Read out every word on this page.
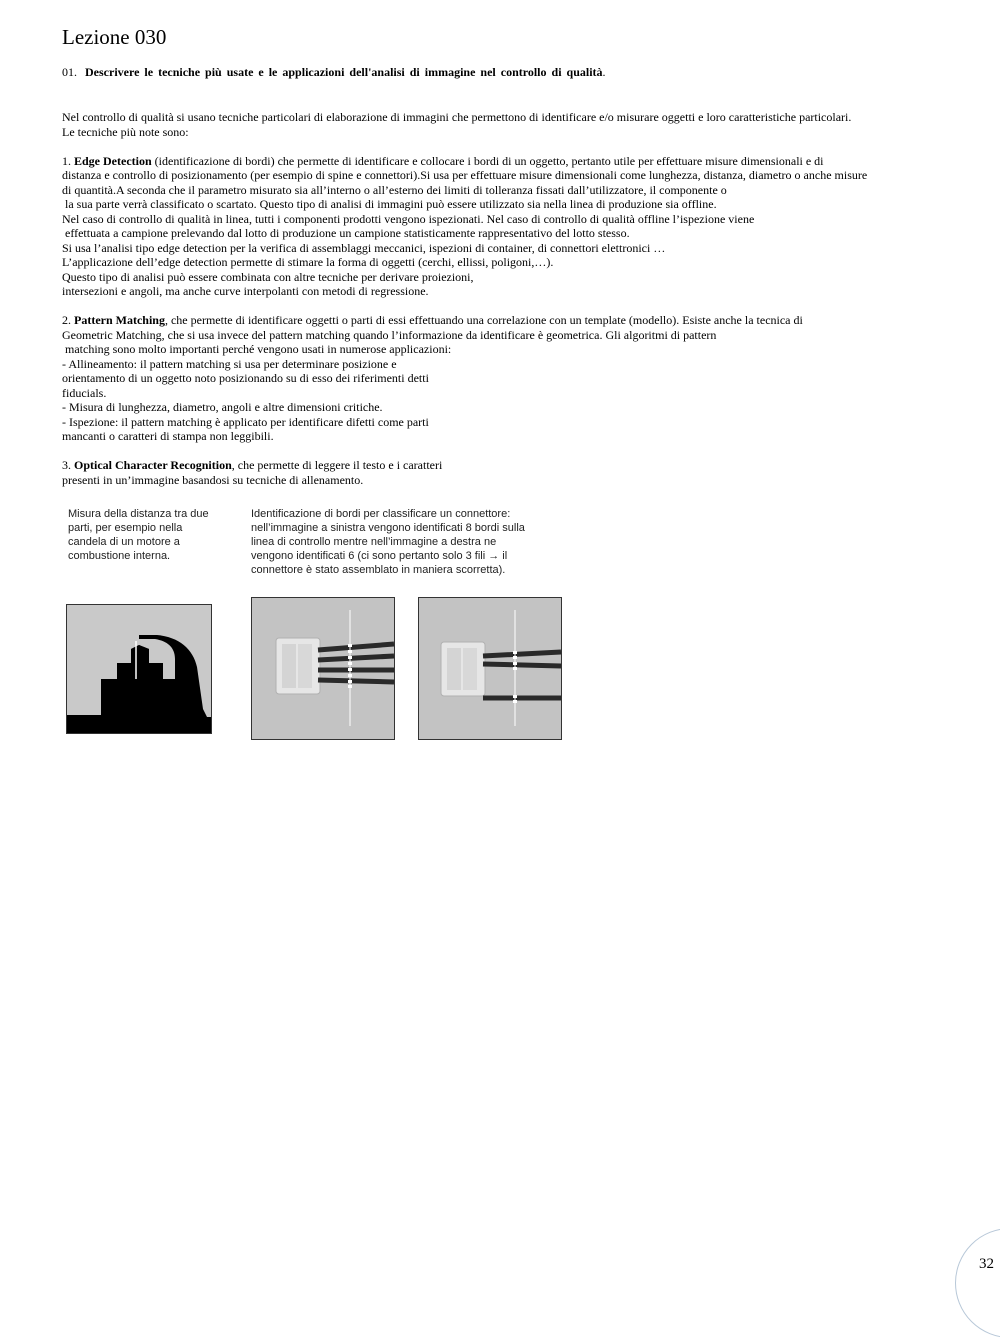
Lezione 030
01. Descrivere le tecniche più usate e le applicazioni dell'analisi di immagine nel controllo di qualità.
Nel controllo di qualità si usano tecniche particolari di elaborazione di immagini che permettono di identificare e/o misurare oggetti e loro caratteristiche particolari.
Le tecniche più note sono:
1. Edge Detection (identificazione di bordi) che permette di identificare e collocare i bordi di un oggetto, pertanto utile per effettuare misure dimensionali e di
distanza e controllo di posizionamento (per esempio di spine e connettori).Si usa per effettuare misure dimensionali come lunghezza, distanza, diametro o anche misure
di quantità.A seconda che il parametro misurato sia all’interno o all’esterno dei limiti di tolleranza fissati dall’utilizzatore, il componente o
la sua parte verrà classificato o scartato. Questo tipo di analisi di immagini può essere utilizzato sia nella linea di produzione sia offline.
Nel caso di controllo di qualità in linea, tutti i componenti prodotti vengono ispezionati. Nel caso di controllo di qualità offline l’ispezione viene
effettuata a campione prelevando dal lotto di produzione un campione statisticamente rappresentativo del lotto stesso.
Si usa l’analisi tipo edge detection per la verifica di assemblaggi meccanici, ispezioni di container, di connettori elettronici …
L’applicazione dell’edge detection permette di stimare la forma di oggetti (cerchi, ellissi, poligoni,…).
Questo tipo di analisi può essere combinata con altre tecniche per derivare proiezioni,
intersezioni e angoli, ma anche curve interpolanti con metodi di regressione.
2. Pattern Matching, che permette di identificare oggetti o parti di essi effettuando una correlazione con un template (modello). Esiste anche la tecnica di
Geometric Matching, che si usa invece del pattern matching quando l’informazione da identificare è geometrica. Gli algoritmi di pattern
matching sono molto importanti perché vengono usati in numerose applicazioni:
- Allineamento: il pattern matching si usa per determinare posizione e
orientamento di un oggetto noto posizionando su di esso dei riferimenti detti
fiducials.
- Misura di lunghezza, diametro, angoli e altre dimensioni critiche.
- Ispezione: il pattern matching è applicato per identificare difetti come parti
mancanti o caratteri di stampa non leggibili.
3. Optical Character Recognition, che permette di leggere il testo e i caratteri
presenti in un’immagine basandosi su tecniche di allenamento.
Misura della distanza tra due
parti, per esempio nella
candela di un motore a
combustione interna.
Identificazione di bordi per classificare un connettore:
nell’immagine a sinistra vengono identificati 8 bordi sulla
linea di controllo mentre nell’immagine a destra ne
vengono identificati 6 (ci sono pertanto solo 3 fili → il
connettore è stato assemblato in maniera scorretta).
32
